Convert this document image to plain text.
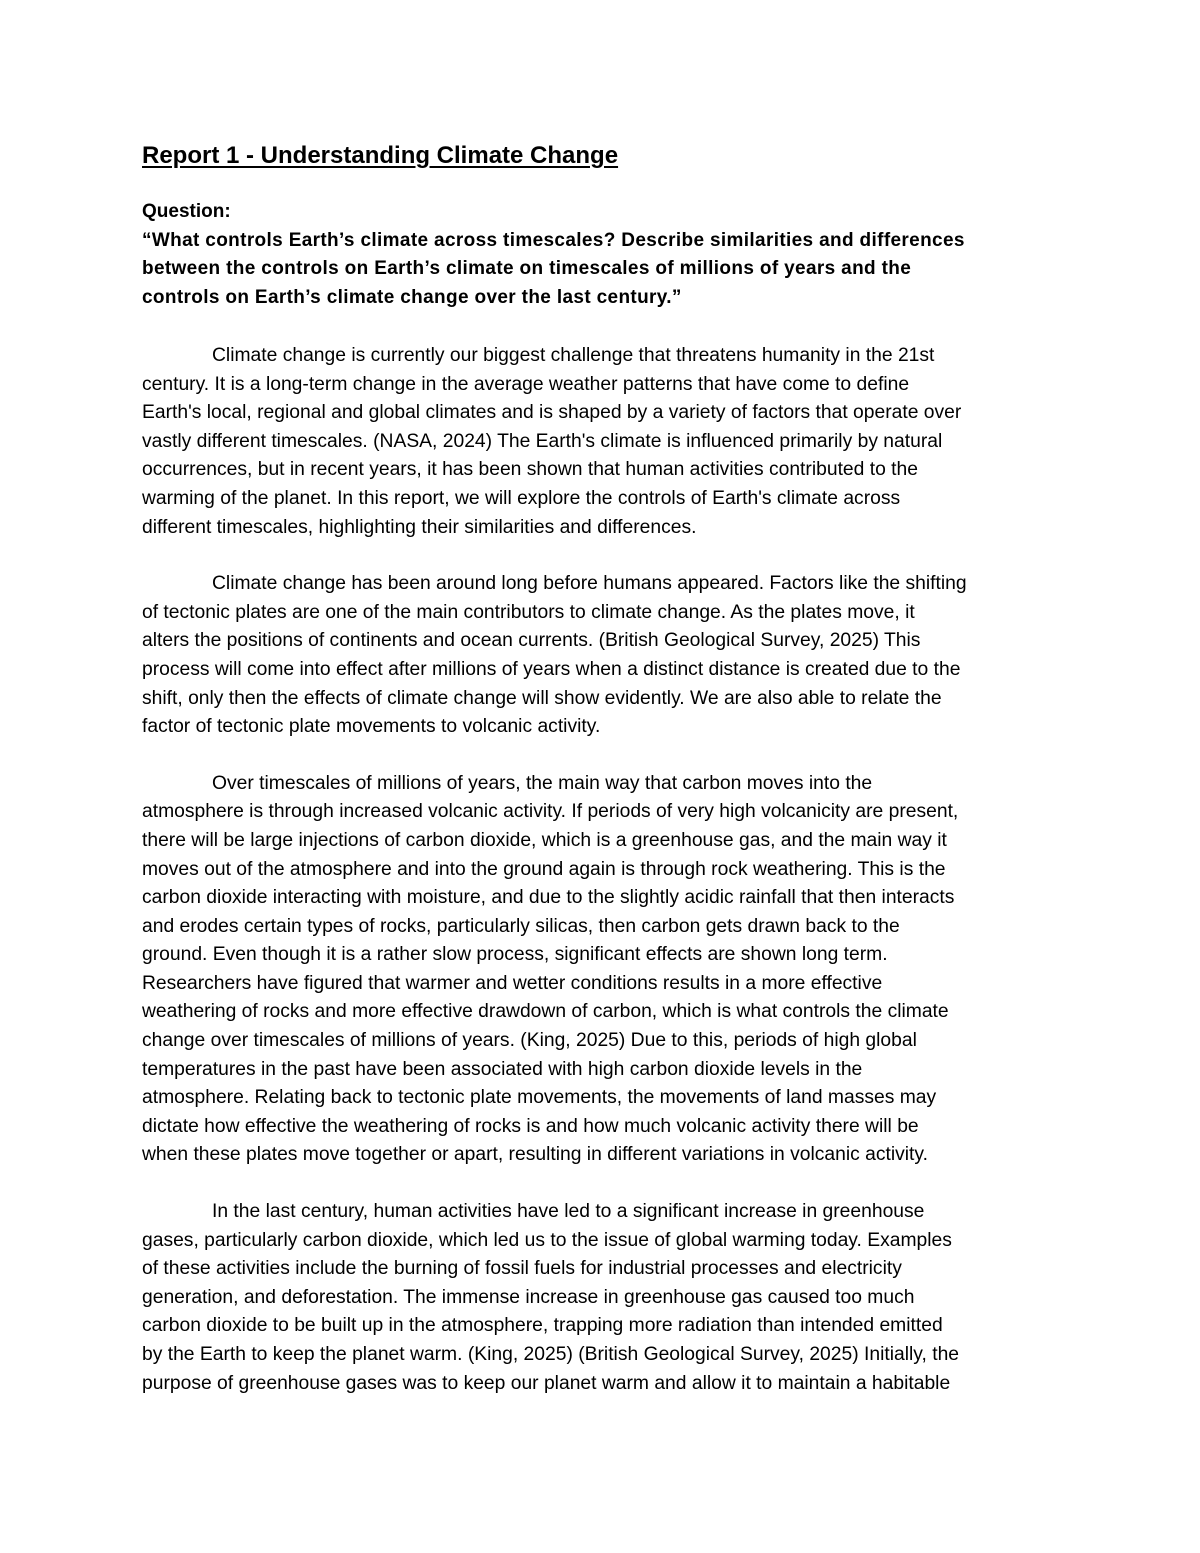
Report 1 - Understanding Climate Change

Question:

“What controls Earth’s climate across timescales? Describe similarities and differences
between the controls on Earth’s climate on timescales of millions of years and the
controls on Earth’s climate change over the last century.”

Climate change is currently our biggest challenge that threatens humanity in the 21st
century. It is a long-term change in the average weather patterns that have come to define
Earth's local, regional and global climates and is shaped by a variety of factors that operate over
vastly different timescales. (NASA, 2024) The Earth's climate is influenced primarily by natural
occurrences, but in recent years, it has been shown that human activities contributed to the
warming of the planet. In this report, we will explore the controls of Earth's climate across
different timescales, highlighting their similarities and differences.

Climate change has been around long before humans appeared. Factors like the shifting
of tectonic plates are one of the main contributors to climate change. As the plates move, it
alters the positions of continents and ocean currents. (British Geological Survey, 2025) This
process will come into effect after millions of years when a distinct distance is created due to the
shift, only then the effects of climate change will show evidently. We are also able to relate the
factor of tectonic plate movements to volcanic activity.

Over timescales of millions of years, the main way that carbon moves into the
atmosphere is through increased volcanic activity. If periods of very high volcanicity are present,
there will be large injections of carbon dioxide, which is a greenhouse gas, and the main way it
moves out of the atmosphere and into the ground again is through rock weathering. This is the
carbon dioxide interacting with moisture, and due to the slightly acidic rainfall that then interacts
and erodes certain types of rocks, particularly silicas, then carbon gets drawn back to the
ground. Even though it is a rather slow process, significant effects are shown long term.
Researchers have figured that warmer and wetter conditions results in a more effective
weathering of rocks and more effective drawdown of carbon, which is what controls the climate
change over timescales of millions of years. (King, 2025) Due to this, periods of high global
temperatures in the past have been associated with high carbon dioxide levels in the
atmosphere. Relating back to tectonic plate movements, the movements of land masses may
dictate how effective the weathering of rocks is and how much volcanic activity there will be
when these plates move together or apart, resulting in different variations in volcanic activity.

In the last century, human activities have led to a significant increase in greenhouse
gases, particularly carbon dioxide, which led us to the issue of global warming today. Examples
of these activities include the burning of fossil fuels for industrial processes and electricity
generation, and deforestation. The immense increase in greenhouse gas caused too much
carbon dioxide to be built up in the atmosphere, trapping more radiation than intended emitted
by the Earth to keep the planet warm. (King, 2025) (British Geological Survey, 2025) Initially, the
purpose of greenhouse gases was to keep our planet warm and allow it to maintain a habitable
